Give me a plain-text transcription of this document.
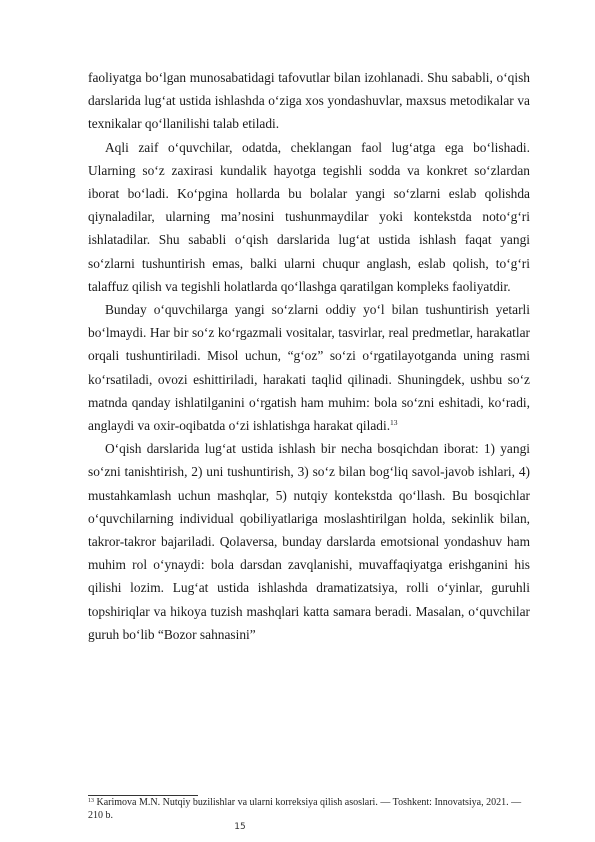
faoliyatga bo‘lgan munosabatidagi tafovutlar bilan izohlanadi. Shu sababli, o‘qish darslarida lug‘at ustida ishlashda o‘ziga xos yondashuvlar, maxsus metodikalar va texnikalar qo‘llanilishi talab etiladi.

Aqli zaif o‘quvchilar, odatda, cheklangan faol lug‘atga ega bo‘lishadi. Ularning so‘z zaxirasi kundalik hayotga tegishli sodda va konkret so‘zlardan iborat bo‘ladi. Ko‘pgina hollarda bu bolalar yangi so‘zlarni eslab qolishda qiynaladilar, ularning ma’nosini tushunmaydilar yoki kontekstda noto‘g‘ri ishlatadilar. Shu sababli o‘qish darslarida lug‘at ustida ishlash faqat yangi so‘zlarni tushuntirish emas, balki ularni chuqur anglash, eslab qolish, to‘g‘ri talaffuz qilish va tegishli holatlarda qo‘llashga qaratilgan kompleks faoliyatdir.

Bunday o‘quvchilarga yangi so‘zlarni oddiy yo‘l bilan tushuntirish yetarli bo‘lmaydi. Har bir so‘z ko‘rgazmali vositalar, tasvirlar, real predmetlar, harakatlar orqali tushuntiriladi. Misol uchun, “g‘oz” so‘zi o‘rgatilayotganda uning rasmi ko‘rsatiladi, ovozi eshittiriladi, harakati taqlid qilinadi. Shuningdek, ushbu so‘z matnda qanday ishlatilganini o‘rgatish ham muhim: bola so‘zni eshitadi, ko‘radi, anglaydi va oxir-oqibatda o‘zi ishlatishga harakat qiladi.$^{13}$

O‘qish darslarida lug‘at ustida ishlash bir necha bosqichdan iborat: 1) yangi so‘zni tanishtirish, 2) uni tushuntirish, 3) so‘z bilan bog‘liq savol-javob ishlari, 4) mustahkamlash uchun mashqlar, 5) nutqiy kontekstda qo‘llash. Bu bosqichlar o‘quvchilarning individual qobiliyatlariga moslashtirilgan holda, sekinlik bilan, takror-takror bajariladi. Qolaversa, bunday darslarda emotsional yondashuv ham muhim rol o‘ynaydi: bola darsdan zavqlanishi, muvaffaqiyatga erishganini his qilishi lozim. Lug‘at ustida ishlashda dramatizatsiya, rolli o‘yinlar, guruhli topshiriqlar va hikoya tuzish mashqlari katta samara beradi. Masalan, o‘quvchilar guruh bo‘lib “Bozor sahnasini”

$^{13}$ Karimova M.N. Nutqiy buzilishlar va ularni korreksiya qilish asoslari. — Toshkent: Innovatsiya, 2021. — 210 b.
15
